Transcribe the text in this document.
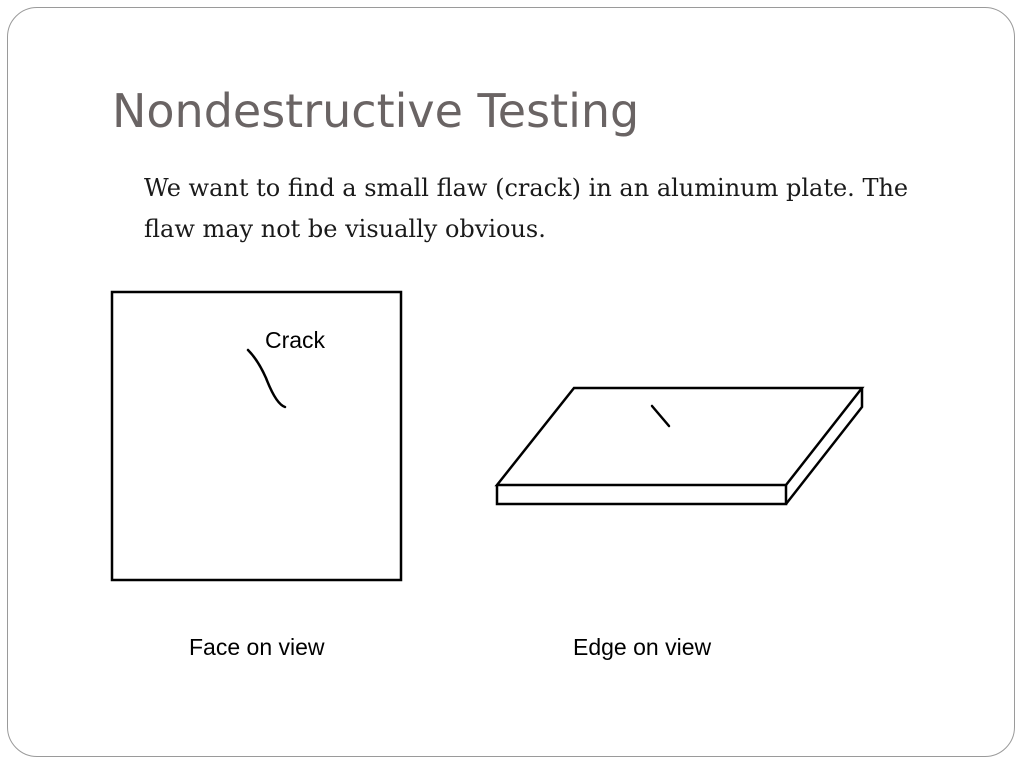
Nondestructive Testing
We want to find a small flaw (crack) in an aluminum plate. The flaw may not be visually obvious.
Crack
Face on view	Edge on view
